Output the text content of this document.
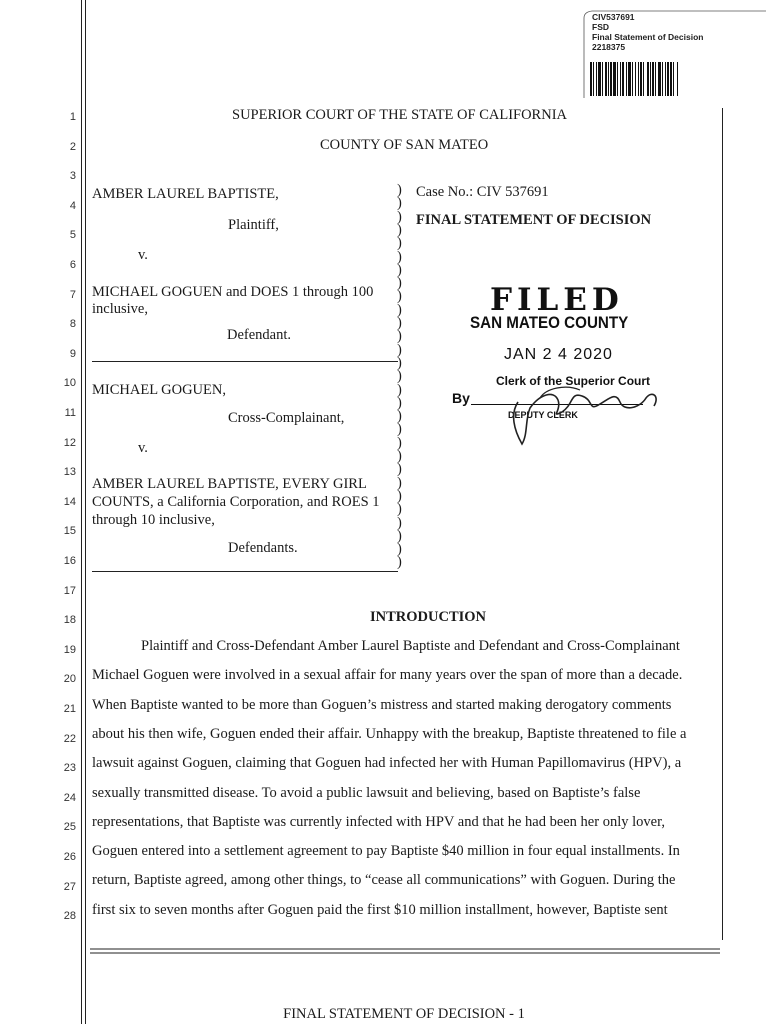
1
2
3
4
5
6
7
8
9
10
11
12
13
14
15
16
17
18
19
20
21
22
23
24
25
26
27
28
CIV537691
FSD
Final Statement of Decision
2218375
SUPERIOR COURT OF THE STATE OF CALIFORNIA
COUNTY OF SAN MATEO
AMBER LAUREL BAPTISTE,
Plaintiff,
v.
MICHAEL GOGUEN and DOES 1 through 100
inclusive,
Defendant.
MICHAEL GOGUEN,
Cross-Complainant,
v.
AMBER LAUREL BAPTISTE, EVERY GIRL
COUNTS, a California Corporation, and ROES 1
through 10 inclusive,
Defendants.
)
)
)
)
)
)
)
)
)
)
)
)
)
)
)
)
)
)
)
)
)
)
)
)
)
)
)
)
)
Case No.: CIV 537691
FINAL STATEMENT OF DECISION
FILED
SAN MATEO COUNTY
JAN 2 4 2020
Clerk of the Superior Court
By
DEPUTY CLERK
INTRODUCTION
Plaintiff and Cross-Defendant Amber Laurel Baptiste and Defendant and Cross-Complainant
Michael Goguen were involved in a sexual affair for many years over the span of more than a decade.
When Baptiste wanted to be more than Goguen’s mistress and started making derogatory comments
about his then wife, Goguen ended their affair. Unhappy with the breakup, Baptiste threatened to file a
lawsuit against Goguen, claiming that Goguen had infected her with Human Papillomavirus (HPV), a
sexually transmitted disease. To avoid a public lawsuit and believing, based on Baptiste’s false
representations, that Baptiste was currently infected with HPV and that he had been her only lover,
Goguen entered into a settlement agreement to pay Baptiste $40 million in four equal installments. In
return, Baptiste agreed, among other things, to “cease all communications” with Goguen. During the
first six to seven months after Goguen paid the first $10 million installment, however, Baptiste sent
FINAL STATEMENT OF DECISION - 1
